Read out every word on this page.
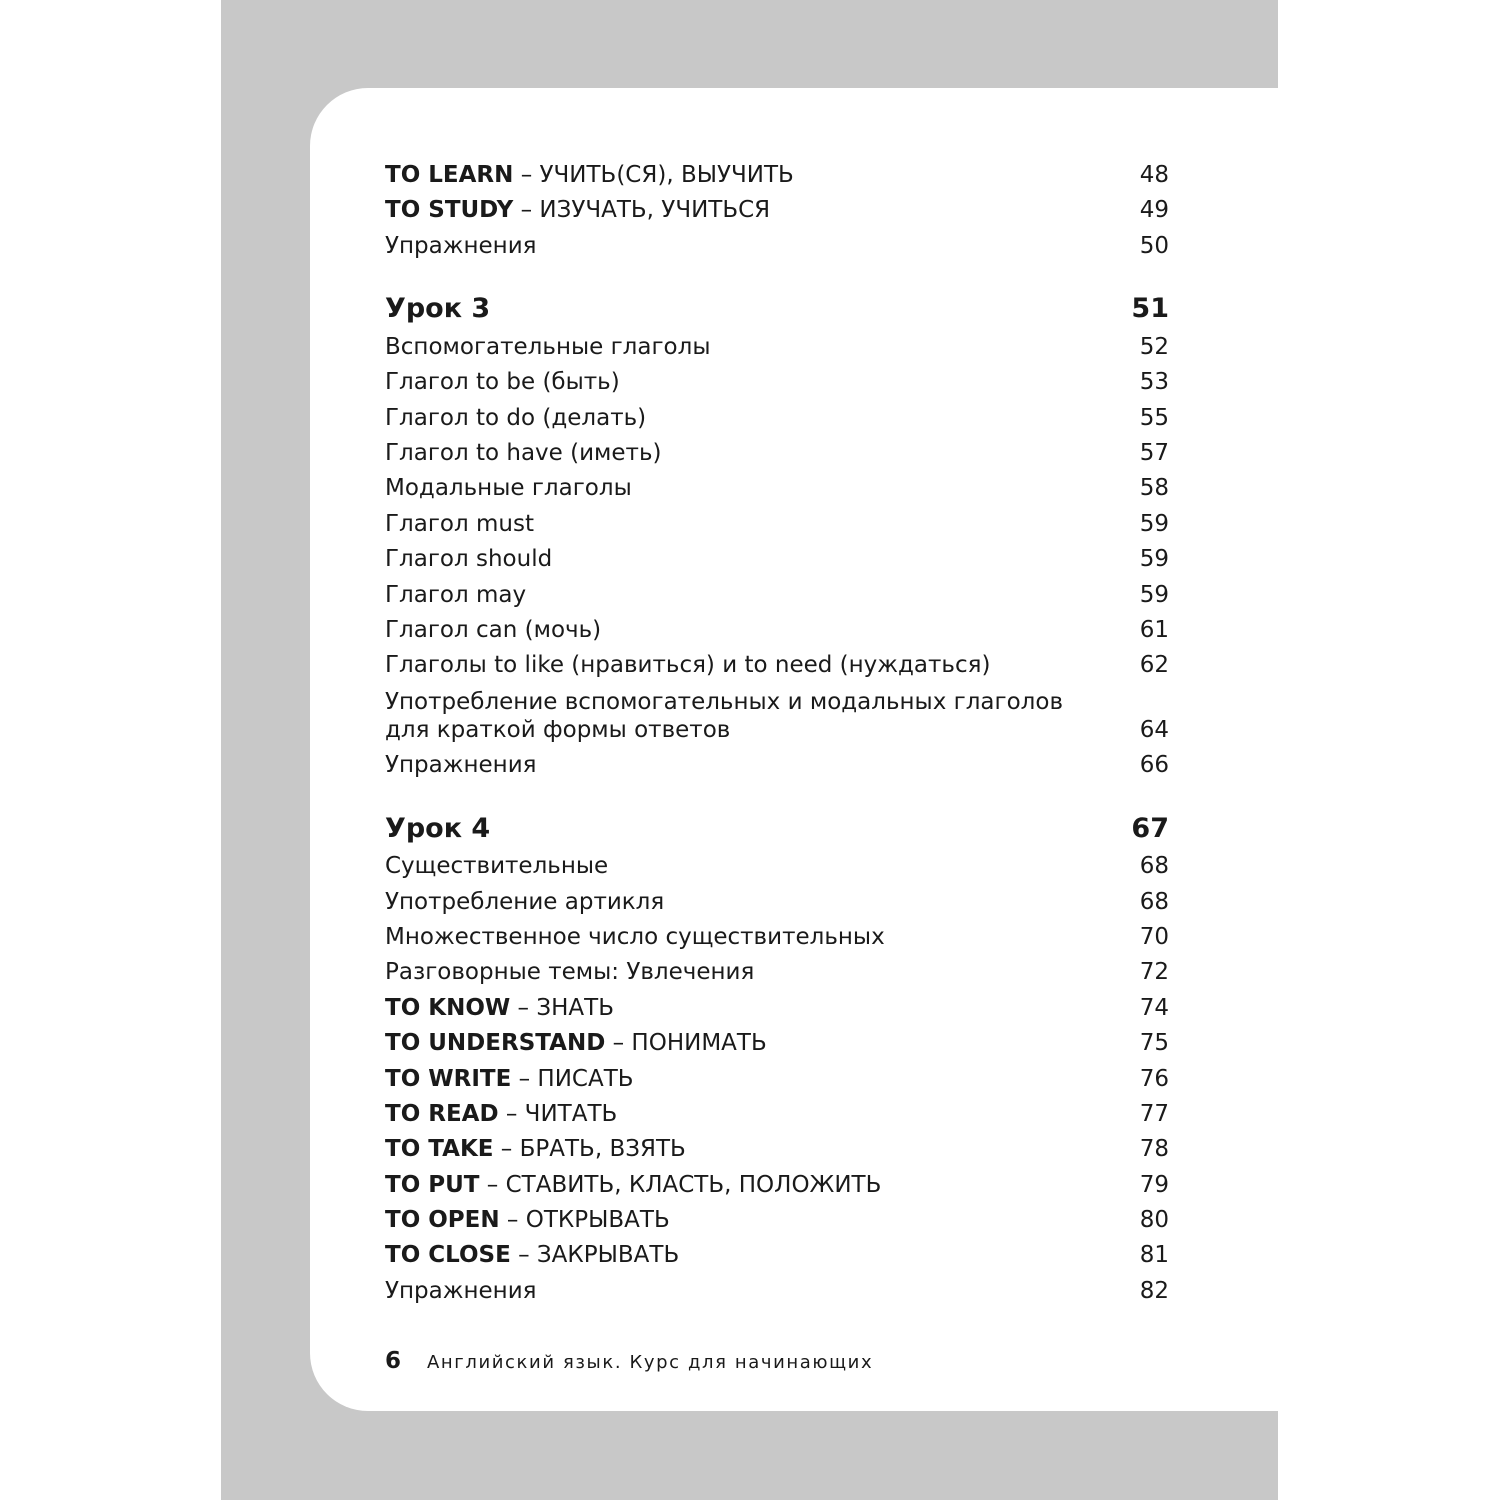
TO LEARN – УЧИТЬ(СЯ), ВЫУЧИТЬ	48
TO STUDY – ИЗУЧАТЬ, УЧИТЬСЯ	49
Упражнения	50
Урок 3	51
Вспомогательные глаголы	52
Глагол to be (быть)	53
Глагол to do (делать)	55
Глагол to have (иметь)	57
Модальные глаголы	58
Глагол must	59
Глагол should	59
Глагол may	59
Глагол can (мочь)	61
Глаголы to like (нравиться) и to need (нуждаться)	62
Употребление вспомогательных и модальных глаголов для краткой формы ответов	64
Упражнения	66
Урок 4	67
Существительные	68
Употребление артикля	68
Множественное число существительных	70
Разговорные темы: Увлечения	72
TO KNOW – ЗНАТЬ	74
TO UNDERSTAND – ПОНИМАТЬ	75
TO WRITE – ПИСАТЬ	76
TO READ – ЧИТАТЬ	77
TO TAKE – БРАТЬ, ВЗЯТЬ	78
TO PUT – СТАВИТЬ, КЛАСТЬ, ПОЛОЖИТЬ	79
TO OPEN – ОТКРЫВАТЬ	80
TO CLOSE – ЗАКРЫВАТЬ	81
Упражнения	82
6 Английский язык. Курс для начинающих
